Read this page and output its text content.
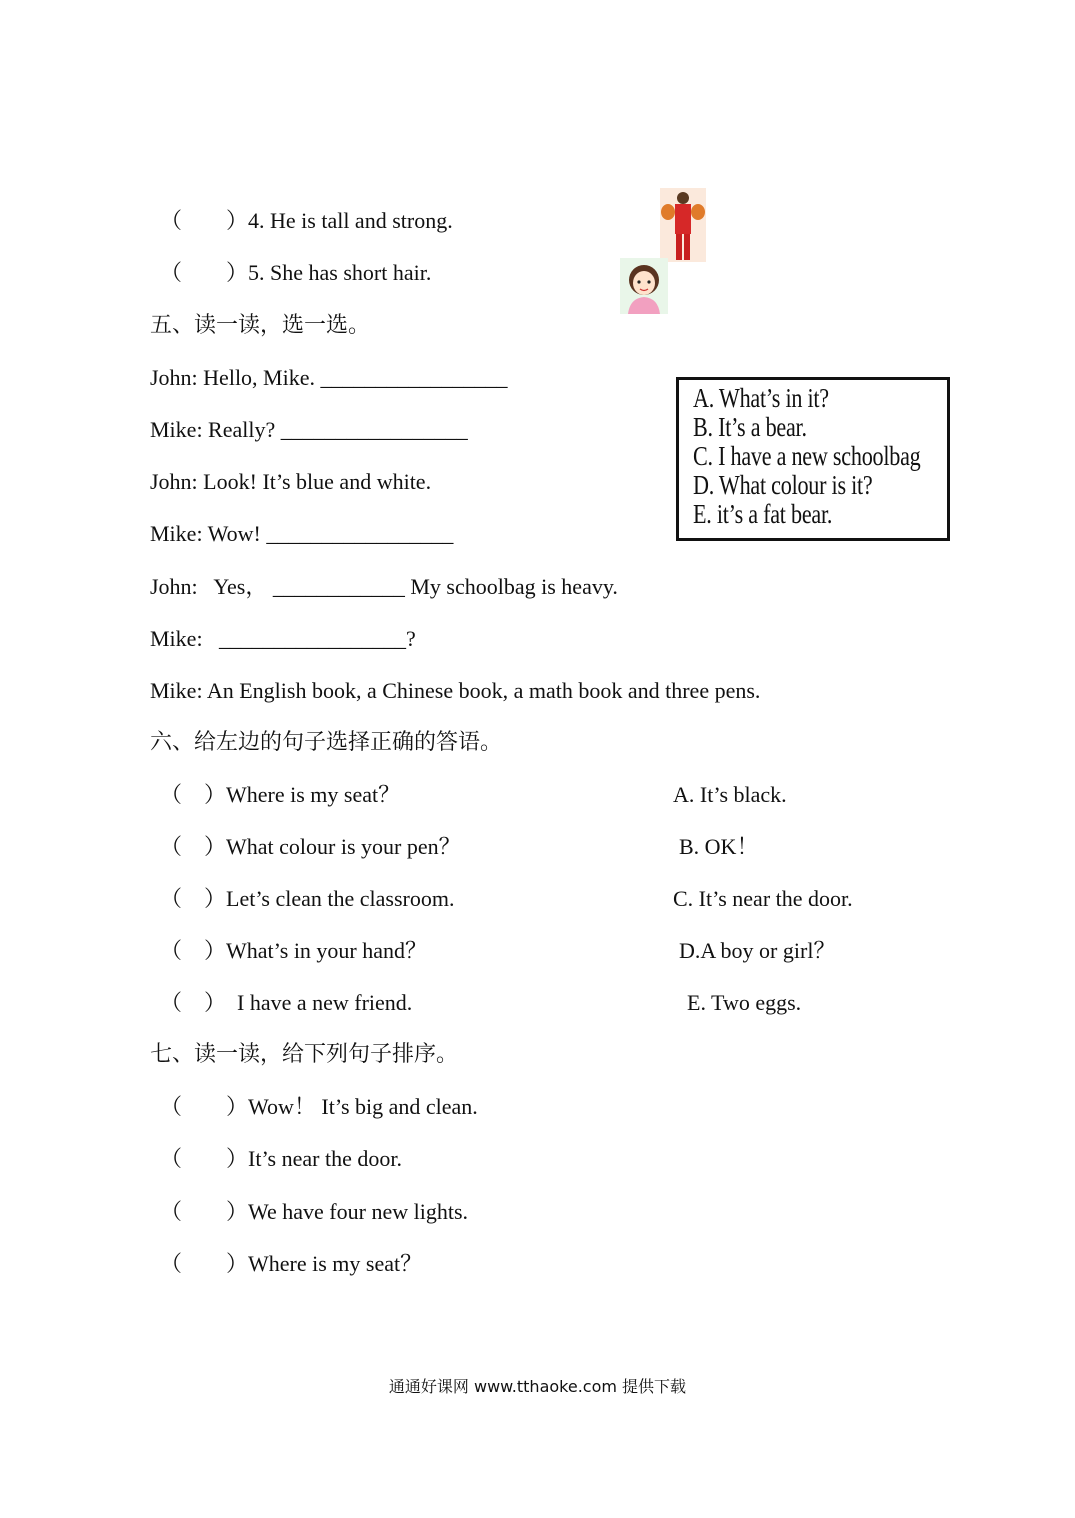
（        ）4. He is tall and strong.
（        ）5. She has short hair.
五、读一读，选一选。
John: Hello, Mike. _________________
Mike: Really? _________________
John: Look! It’s blue and white.
Mike: Wow! _________________
John:   Yes， ____________ My schoolbag is heavy.
Mike:   _________________?
Mike: An English book, a Chinese book, a math book and three pens.
A. What’s in it?
B. It’s a bear.
C. I have a new schoolbag
D. What colour is it?
E. it’s a fat bear.
六、给左边的句子选择正确的答语。
（    ）Where is my seat？
（    ）What colour is your pen？
（    ）Let’s clean the classroom.
（    ）What’s in your hand？
（    ）  I have a new friend.
A. It’s black.
B. OK！
C. It’s near the door.
D.A boy or girl？
E. Two eggs.
七、读一读，给下列句子排序。
（        ）Wow！ It’s big and clean.
（        ）It’s near the door.
（        ）We have four new lights.
（        ）Where is my seat？
通通好课网 www.tthaoke.com 提供下载
